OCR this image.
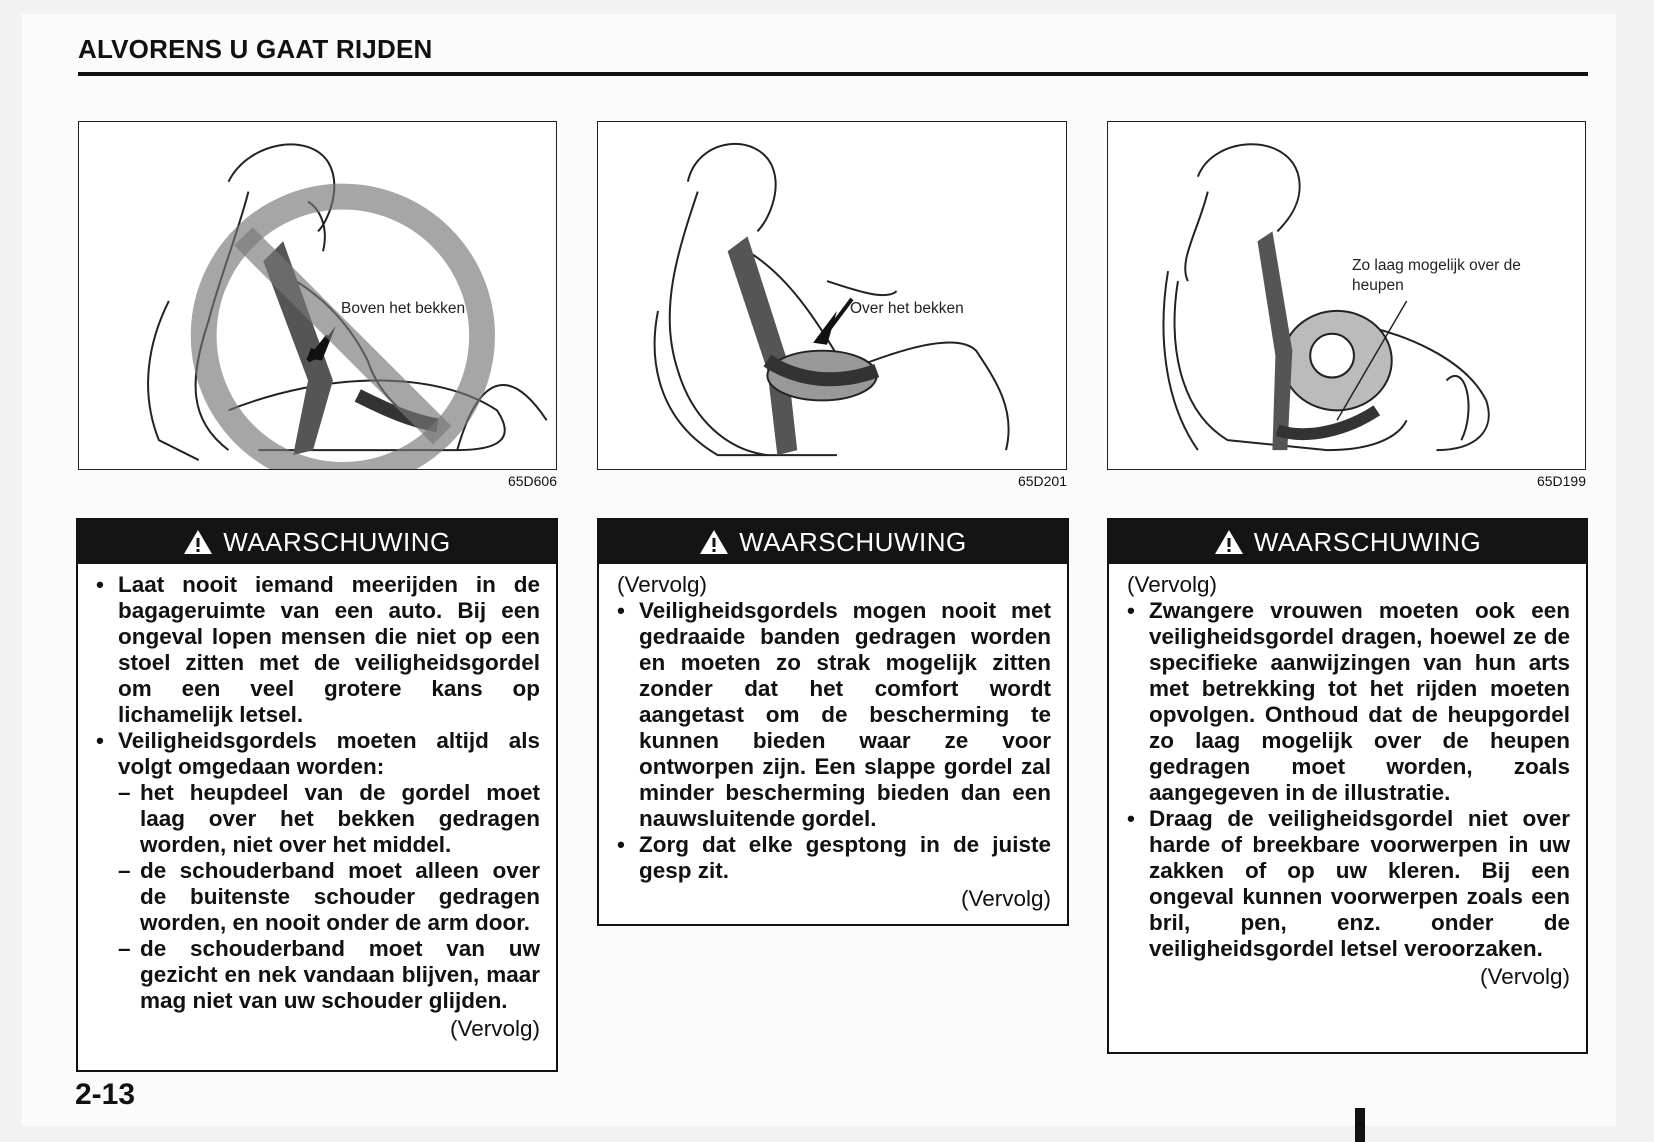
ALVORENS U GAAT RIJDEN
Boven het bekken
65D606
Over het bekken
65D201
Zo laag mogelijk over de heupen
65D199
WAARSCHUWING
• Laat nooit iemand meerijden in de bagageruimte van een auto. Bij een ongeval lopen mensen die niet op een stoel zitten met de veiligheidsgordel om een veel grotere kans op lichamelijk letsel.
• Veiligheidsgordels moeten altijd als volgt omgedaan worden:
– het heupdeel van de gordel moet laag over het bekken gedragen worden, niet over het middel.
– de schouderband moet alleen over de buitenste schouder gedragen worden, en nooit onder de arm door.
– de schouderband moet van uw gezicht en nek vandaan blijven, maar mag niet van uw schouder glijden.
(Vervolg)
WAARSCHUWING
(Vervolg)
• Veiligheidsgordels mogen nooit met gedraaide banden gedragen worden en moeten zo strak mogelijk zitten zonder dat het comfort wordt aangetast om de bescherming te kunnen bieden waar ze voor ontworpen zijn. Een slappe gordel zal minder bescherming bieden dan een nauwsluitende gordel.
• Zorg dat elke gesptong in de juiste gesp zit.
(Vervolg)
WAARSCHUWING
(Vervolg)
• Zwangere vrouwen moeten ook een veiligheidsgordel dragen, hoewel ze de specifieke aanwijzingen van hun arts met betrekking tot het rijden moeten opvolgen. Onthoud dat de heupgordel zo laag mogelijk over de heupen gedragen moet worden, zoals aangegeven in de illustratie.
• Draag de veiligheidsgordel niet over harde of breekbare voorwerpen in uw zakken of op uw kleren. Bij een ongeval kunnen voorwerpen zoals een bril, pen, enz. onder de veiligheidsgordel letsel veroorzaken.
(Vervolg)
2-13
